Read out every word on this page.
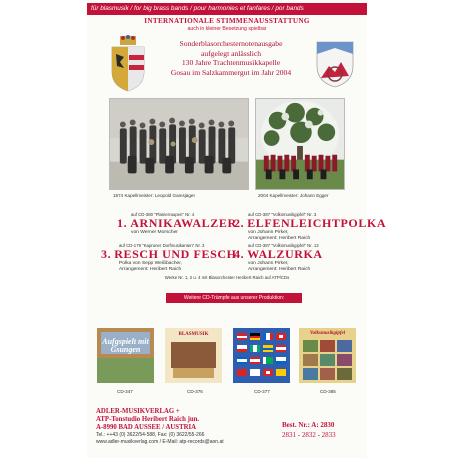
für blasmusik / for big brass bands / pour harmonies et fanfares / por bands
INTERNATIONALE STIMMENAUSSTATTUNG
auch in kleiner Besetzung spielbar
Sonderblasorchesternotenausgabe
aufgelegt anlässlich
130 Jahre Trachtenmusikkapelle
Gosau im Salzkammergut im Jahr 2004
1874 Kapellmeister: Leopold Gamsjäger	2004 Kapellmeister: Johann Egger
auf CD-380 "Planierraupen" Nr. 4
1. ARNIKAWALZER
von Werner Morscher
auf CD-387 "Volksmusikgipfel" Nr. 3
2. ELFENLEICHTPOLKA
von Johann Pirker,
Arrangement: Heribert Raich
auf CD-179 "Kapruner Dorfmusikanten" Nr. 3
3. RESCH UND FESCH
Polka von Sepp Weißbacher,
Arrangement: Heribert Raich
auf CD-387 "Volksmusikgipfel" Nr. 13
4. WALZURKA
von Johann Pirker,
Arrangement: Heribert Raich
Werke Nr. 1, 2 u. 4 mit Blasorchester Heribert Raich auf ATP/CDs
Weitere CD-Trümpfe aus unserer Produktion:
Aufgspielt mit Gsungen
CD-347
BLASMUSIK
CD-376	CD-377
Volksmusikgipfel
CD-385
ADLER-MUSIKVERLAG +
ATP-Tonstudio Heribert Raich jun.
A-8990 BAD AUSSEE / AUSTRIA
Tel.: ++43 (0) 3622/54-588, Fax: (0) 3622/55-266
www.adler-musikverlag.com / E-Mail: atp-records@aon.at
Best. Nr.: A: 2830
2831 - 2832 - 2833
